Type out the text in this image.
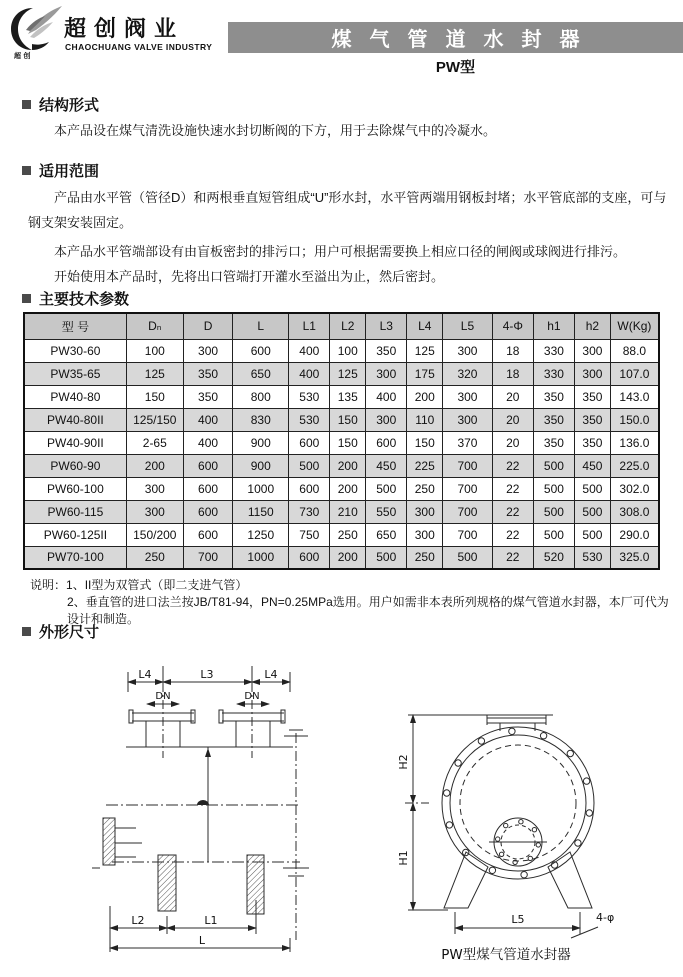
超 创
超创阀业
CHAOCHUANG VALVE INDUSTRY	煤气管道水封器
PW型
结构形式
本产品设在煤气清洗设施快速水封切断阀的下方，用于去除煤气中的冷凝水。
适用范围
产品由水平管（管径D）和两根垂直短管组成“U”形水封，水平管两端用钢板封堵；水平管底部的支座，可与钢支架安装固定。
本产品水平管端部设有由盲板密封的排污口；用户可根据需要换上相应口径的闸阀或球阀进行排污。
开始使用本产品时，先将出口管端打开灌水至溢出为止，然后密封。
主要技术参数
型 号	Dₙ	D	L	L1	L2	L3	L4	L5	4-Φ	h1	h2	W(Kg)
PW30-60	100	300	600	400	100	350	125	300	18	330	300	88.0
PW35-65	125	350	650	400	125	300	175	320	18	330	300	107.0
PW40-80	150	350	800	530	135	400	200	300	20	350	350	143.0
PW40-80II	125/150	400	830	530	150	300	110	300	20	350	350	150.0
PW40-90II	2-65	400	900	600	150	600	150	370	20	350	350	136.0
PW60-90	200	600	900	500	200	450	225	700	22	500	450	225.0
PW60-100	300	600	1000	600	200	500	250	700	22	500	500	302.0
PW60-115	300	600	1150	730	210	550	300	700	22	500	500	308.0
PW60-125II	150/200	600	1250	750	250	650	300	700	22	500	500	290.0
PW70-100	250	700	1000	600	200	500	250	500	22	520	530	325.0
说明：1、II型为双管式（即二支进气管）
2、垂直管的进口法兰按JB/T81-94，PN=0.25MPa选用。用户如需非本表所列规格的煤气管道水封器，本厂可代为设计和制造。
外形尺寸
L4	L3	L4
DN	DN
L2	L1
L
H2
H1
L5	4-φ
PW型煤气管道水封器
